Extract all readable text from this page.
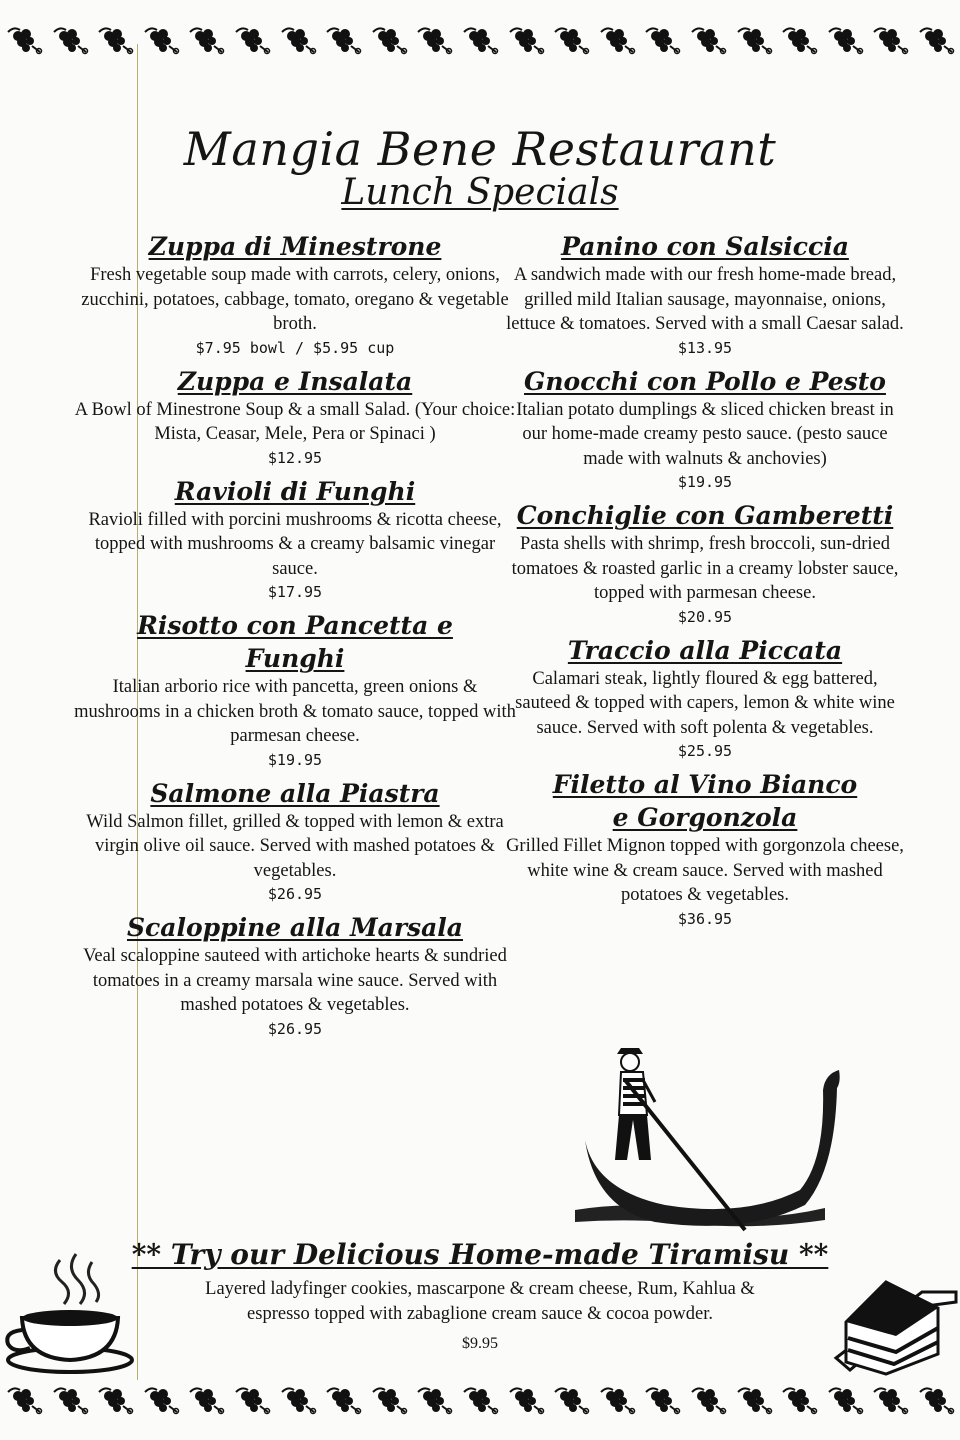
Mangia Bene Restaurant
Lunch Specials
Zuppa di Minestrone

Fresh vegetable soup made with carrots, celery, onions, zucchini, potatoes, cabbage, tomato, oregano & vegetable broth.

$7.95 bowl / $5.95 cup
Zuppa e Insalata

A Bowl of Minestrone Soup & a small Salad. (Your choice: Mista, Ceasar, Mele, Pera or Spinaci )

$12.95
Ravioli di Funghi

Ravioli filled with porcini mushrooms & ricotta cheese, topped with mushrooms & a creamy balsamic vinegar sauce.

$17.95
Risotto con Pancetta e Funghi

Italian arborio rice with pancetta, green onions & mushrooms in a chicken broth & tomato sauce, topped with parmesan cheese.

$19.95
Salmone alla Piastra

Wild Salmon fillet, grilled & topped with lemon & extra virgin olive oil sauce. Served with mashed potatoes & vegetables.

$26.95
Scaloppine alla Marsala

Veal scaloppine sauteed with artichoke hearts & sundried tomatoes in a creamy marsala wine sauce. Served with mashed potatoes & vegetables.

$26.95
Panino con Salsiccia

A sandwich made with our fresh home-made bread, grilled mild Italian sausage, mayonnaise, onions, lettuce & tomatoes. Served with a small Caesar salad.

$13.95
Gnocchi con Pollo e Pesto

Italian potato dumplings & sliced chicken breast in our home-made creamy pesto sauce. (pesto sauce made with walnuts & anchovies)

$19.95
Conchiglie con Gamberetti

Pasta shells with shrimp, fresh broccoli, sun-dried tomatoes & roasted garlic in a creamy lobster sauce, topped with parmesan cheese.

$20.95
Traccio alla Piccata

Calamari steak, lightly floured & egg battered, sauteed & topped with capers, lemon & white wine sauce. Served with soft polenta & vegetables.

$25.95
Filetto al Vino Bianco e Gorgonzola

Grilled Fillet Mignon topped with gorgonzola cheese, white wine & cream sauce. Served with mashed potatoes & vegetables.

$36.95
** Try our Delicious Home-made Tiramisu **

Layered ladyfinger cookies, mascarpone & cream cheese, Rum, Kahlua & espresso topped with zabaglione cream sauce & cocoa powder.

$9.95
